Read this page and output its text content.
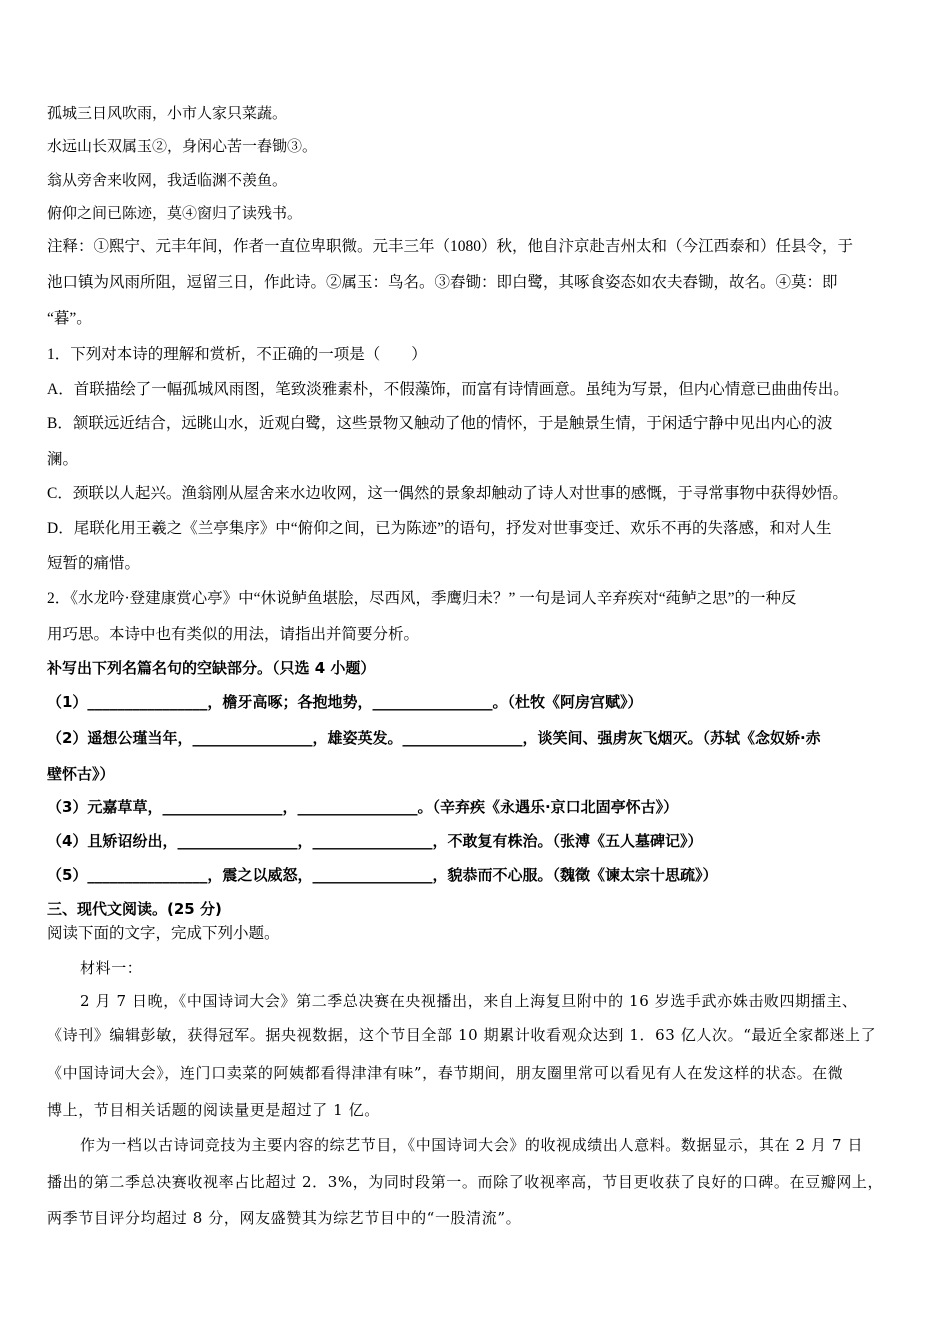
孤城三日风吹雨，小市人家只菜蔬。
水远山长双属玉②，身闲心苦一舂锄③。
翁从旁舍来收网，我适临渊不羡鱼。
俯仰之间已陈迹，莫④窗归了读残书。
注释：①熙宁、元丰年间，作者一直位卑职微。元丰三年（1080）秋，他自汴京赴吉州太和（今江西泰和）任县令，于
池口镇为风雨所阻，逗留三日，作此诗。②属玉：鸟名。③舂锄：即白鹭，其啄食姿态如农夫舂锄，故名。④莫：即
“暮”。
1．下列对本诗的理解和赏析，不正确的一项是（　　）
A．首联描绘了一幅孤城风雨图，笔致淡雅素朴，不假藻饰，而富有诗情画意。虽纯为写景，但内心情意已曲曲传出。
B．颔联远近结合，远眺山水，近观白鹭，这些景物又触动了他的情怀，于是触景生情，于闲适宁静中见出内心的波
澜。
C．颈联以人起兴。渔翁刚从屋舍来水边收网，这一偶然的景象却触动了诗人对世事的感慨，于寻常事物中获得妙悟。
D．尾联化用王羲之《兰亭集序》中“俯仰之间，已为陈迹”的语句，抒发对世事变迁、欢乐不再的失落感，和对人生
短暂的痛惜。
2．《水龙吟·登建康赏心亭》中“休说鲈鱼堪脍，尽西风，季鹰归未？” 一句是词人辛弃疾对“莼鲈之思”的一种反
用巧思。本诗中也有类似的用法，请指出并简要分析。
补写出下列名篇名句的空缺部分。（只选 4 小题）
（1）________________，檐牙高啄；各抱地势，________________。（杜牧《阿房宫赋》）
（2）遥想公瑾当年，________________，雄姿英发。________________，谈笑间、强虏灰飞烟灭。（苏轼《念奴娇·赤
壁怀古》）
（3）元嘉草草，________________，________________。（辛弃疾《永遇乐·京口北固亭怀古》）
（4）且矫诏纷出，________________，________________，不敢复有株治。（张溥《五人墓碑记》）
（5）________________，震之以威怒，________________，貌恭而不心服。（魏徵《谏太宗十思疏》）
三、现代文阅读。(25 分)
阅读下面的文字，完成下列小题。
材料一：
2 月 7 日晚，《中国诗词大会》第二季总决赛在央视播出，来自上海复旦附中的 16 岁选手武亦姝击败四期擂主、
《诗刊》编辑彭敏，获得冠军。据央视数据，这个节目全部 10 期累计收看观众达到 1．63 亿人次。“最近全家都迷上了
《中国诗词大会》，连门口卖菜的阿姨都看得津津有味”，春节期间，朋友圈里常可以看见有人在发这样的状态。在微
博上，节目相关话题的阅读量更是超过了 1 亿。
作为一档以古诗词竞技为主要内容的综艺节目，《中国诗词大会》的收视成绩出人意料。数据显示，其在 2 月 7 日
播出的第二季总决赛收视率占比超过 2．3%，为同时段第一。而除了收视率高，节目更收获了良好的口碑。在豆瓣网上，
两季节目评分均超过 8 分，网友盛赞其为综艺节目中的“一股清流”。
